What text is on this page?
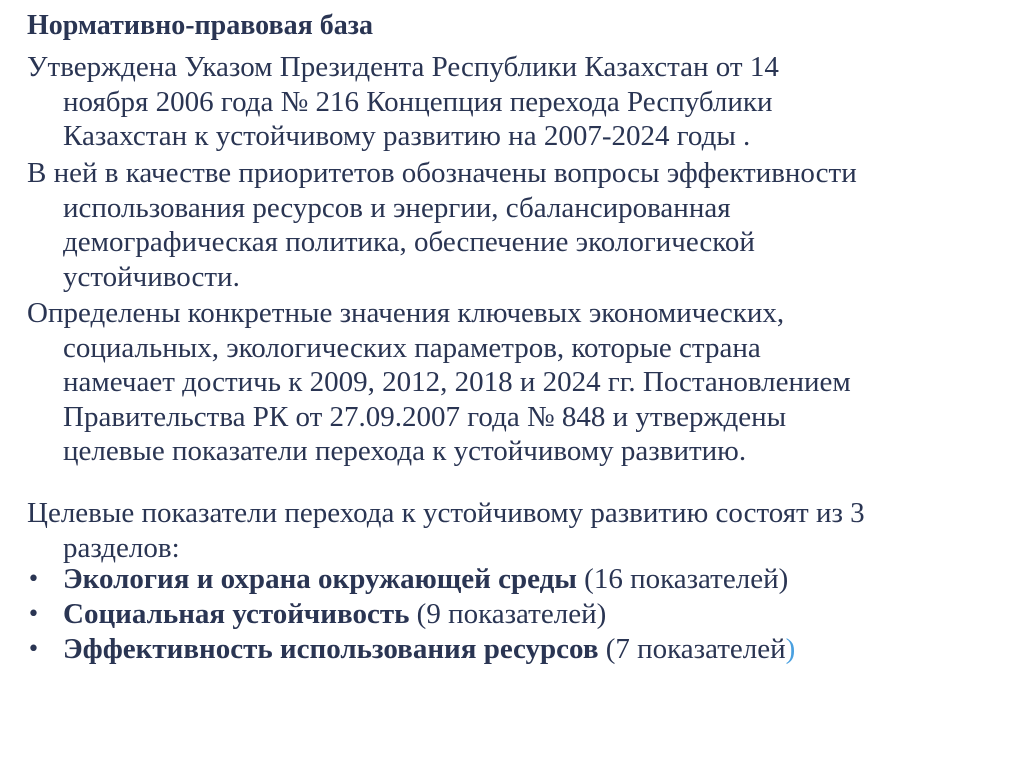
Нормативно-правовая база
Утверждена Указом Президента Республики Казахстан от 14
ноября 2006 года № 216 Концепция перехода Республики
Казахстан к устойчивому развитию на 2007-2024 годы .
В ней в качестве приоритетов обозначены вопросы эффективности
использования ресурсов и энергии, сбалансированная
демографическая политика, обеспечение экологической
устойчивости.
Определены конкретные значения ключевых экономических,
социальных, экологических параметров, которые страна
намечает достичь к 2009, 2012, 2018 и 2024 гг. Постановлением
Правительства РК от 27.09.2007 года № 848 и утверждены
целевые показатели перехода к устойчивому развитию.
Целевые показатели перехода к устойчивому развитию состоят из 3
разделов:
• Экология и охрана окружающей среды (16 показателей)
• Социальная устойчивость (9 показателей)
• Эффективность использования ресурсов (7 показателей)
